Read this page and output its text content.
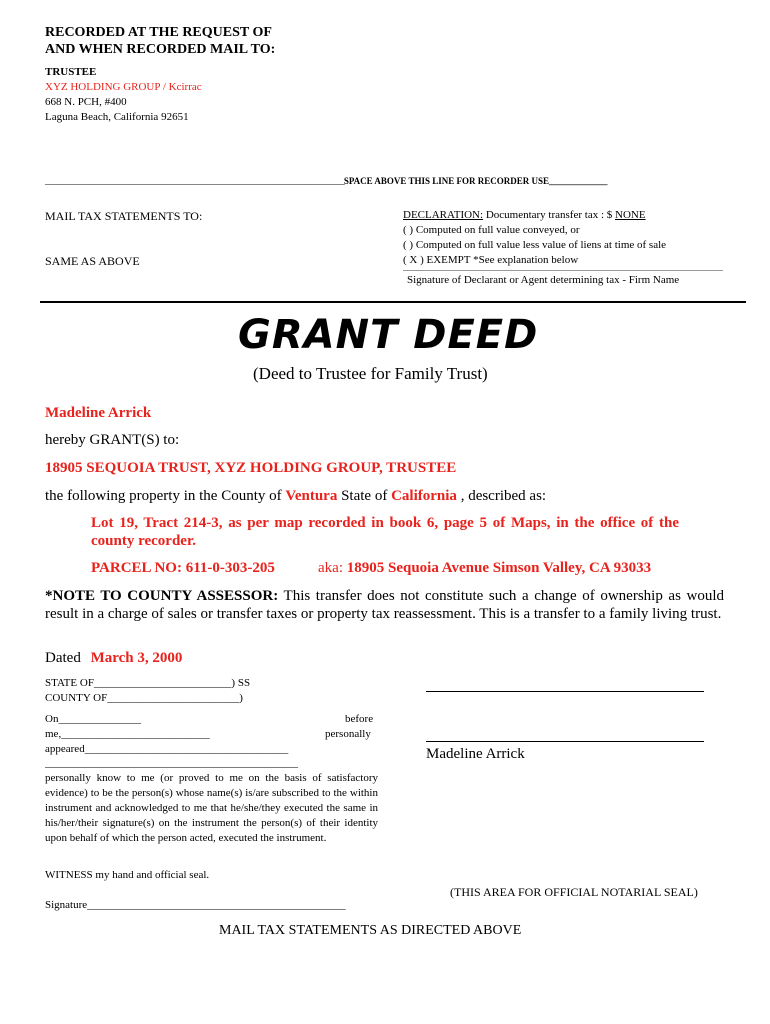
RECORDED AT THE REQUEST OF
AND WHEN RECORDED MAIL TO:
TRUSTEE
XYZ HOLDING GROUP / Kcirrac
668 N. PCH, #400
Laguna Beach, California 92651
___________________________________________________________________________________SPACE ABOVE THIS LINE FOR RECORDER USE_____________
MAIL TAX STATEMENTS TO:
SAME AS ABOVE
DECLARATION: Documentary transfer tax : $ NONE
( ) Computed on full value conveyed, or
( ) Computed on full value less value of liens at time of sale
( X ) EXEMPT *See explanation below
Signature of Declarant or Agent determining tax - Firm Name
GRANT DEED
(Deed to Trustee for Family Trust)
Madeline Arrick
hereby GRANT(S) to:
18905 SEQUOIA TRUST, XYZ HOLDING GROUP, TRUSTEE
the following property in the County of Ventura State of California , described as:
Lot 19, Tract 214-3, as per map recorded in book 6, page 5 of Maps, in the office of the
county recorder.
PARCEL NO: 611-0-303-205	aka: 18905 Sequoia Avenue Simson Valley, CA 93033
*NOTE TO COUNTY ASSESSOR: This transfer does not constitute such a change of ownership as would result in a charge of sales or transfer taxes or property tax reassessment. This is a transfer to a family living trust.
Dated March 3, 2000
STATE OF_________________________) SS
COUNTY OF________________________)
On_______________	before
me,___________________________	personally
appeared_____________________________________
______________________________________________
personally know to me (or proved to me on the basis of satisfactory evidence) to be the person(s) whose name(s) is/are subscribed to the within instrument and acknowledged to me that he/she/they executed the same in his/her/their signature(s) on the instrument the person(s) of their identity upon behalf of which the person acted, executed the instrument.
WITNESS my hand and official seal.
Signature_______________________________________________
Madeline Arrick
(THIS AREA FOR OFFICIAL NOTARIAL SEAL)
MAIL TAX STATEMENTS AS DIRECTED ABOVE
